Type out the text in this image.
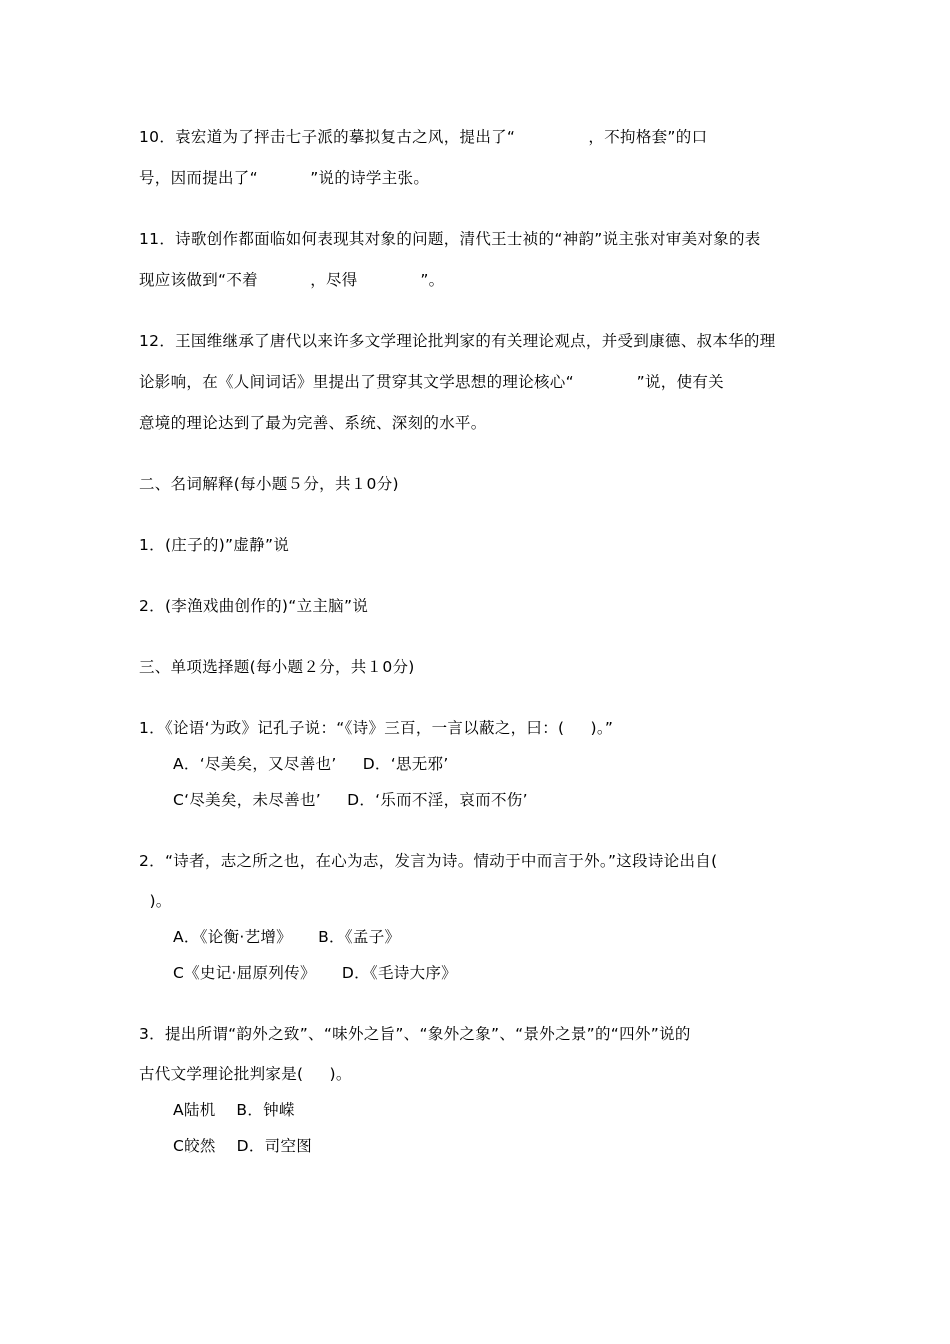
10．袁宏道为了抨击七子派的摹拟复古之风，提出了“              ，不拘格套”的口
号，因而提出了“          ”说的诗学主张。
11．诗歌创作都面临如何表现其对象的问题，清代王士祯的“神韵”说主张对审美对象的表
现应该做到“不着          ，尽得            ”。
12．王国维继承了唐代以来许多文学理论批判家的有关理论观点，并受到康德、叔本华的理
论影响，在《人间词话》里提出了贯穿其文学思想的理论核心“            ”说，使有关
意境的理论达到了最为完善、系统、深刻的水平。
二、名词解释(每小题５分，共１0分)
1．(庄子的)”虚静”说
2．(李渔戏曲创作的)“立主脑”说
三、单项选择题(每小题２分，共１0分)
1．《论语‘为政》记孔子说：“《诗》三百，一言以蔽之，曰：(     )。”
A．‘尽美矣，又尽善也’     D．‘思无邪’
C‘尽美矣，未尽善也’     D．‘乐而不淫，哀而不伤’
2．“诗者，志之所之也，在心为志，发言为诗。情动于中而言于外。”这段诗论出自(
)。
A．《论衡·艺增》     B．《孟子》
C《史记·屈原列传》     D．《毛诗大序》
3．提出所谓“韵外之致”、“味外之旨”、“象外之象”、“景外之景”的“四外”说的
古代文学理论批判家是(     )。
A陆机    B．钟嵘
C皎然    D．司空图
